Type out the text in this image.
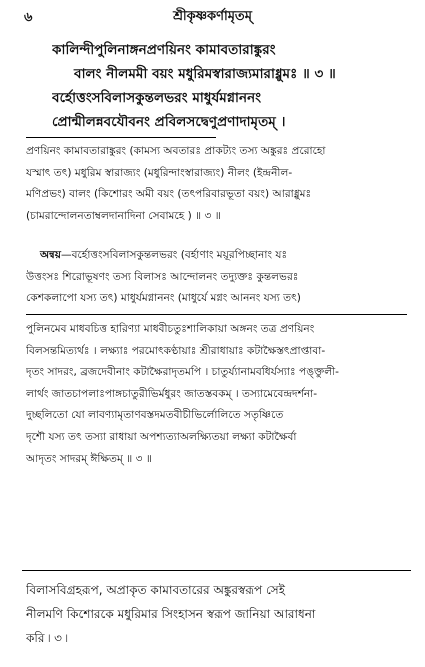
৬	শ্রীকৃষ্ণকর্ণামৃতম্
কালিন্দীপুলিনাঙ্গনপ্রণয়িনং কামাবতারাঙ্কুরং
বালং নীলমমী বয়ং মধুরিমস্বারাজ্যমারাধ্নুমঃ ॥ ৩ ॥
বর্হোত্তংসবিলাসকুন্তলভরং মাধুর্যমগ্নাননং
প্রোন্মীলন্নবযৌবনং প্রবিলসদ্বেণুপ্রণাদামৃতম্ ।
প্রণয়িনং কামাবতারাঙ্কুরং (কামস্য অবতারঃ প্রাকট্যং তস্য অঙ্কুরঃ প্ররোহো
যস্মাৎ তৎ) মধুরিম স্বারাজ্যং (মধুরিন্দাংস্বারাজ্যং) নীলং (ইন্দ্রনীল-
মণিপ্রভং) বালং (কিশোরং অমী বয়ং (তৎপরিবারভূতা বয়ং) আরাধ্নুমঃ
(চামরান্দোলনতাম্বলদানাদিনা সেবামহে ) ॥ ৩ ॥
অন্বয়—বর্হোত্তংসবিলাসকুন্তলভরং (বর্হাণাং ময়ূরপিচ্ছানাং যঃ
উত্তংসঃ শিরোভূষণং তস্য বিলাসঃ আন্দোলনং তদ্যুক্তঃ কুন্তলভরঃ
কেশকলাপো যস্য তৎ) মাধুর্যমগ্নাননং (মাধুর্যে মগ্নং আননং যস্য তৎ)
পুলিনমেব মাধবচিত্ত হারিণ্যা মাধবীচতুঃশালিকায়া অঙ্গনং তত্র প্রণয়িনং
বিলসন্তমিত্যর্থঃ । লক্ষ্যাঃ পরমোৎকণ্ঠায়াঃ শ্রীরাধায়াঃ কটাক্ষৈস্তৎপ্রাপ্তাবা-
দৃতং সাদরং, ব্রজদেবীনাং কটাক্ষৈরাদৃতমপি । চাতুর্য্যানামবধির্যস্যাঃ পঙ্ক্তুলী-
লার্থং জাতচাপলাঃপাঙ্গচাতুরীভির্মধুরং জাতস্তবকম্ । তস্যামেবেন্দ্রদর্শনা-
দুচ্ছলিতো যো লাবণ্যামৃতাণবস্তদমতবীচীভির্লোলিতে সতৃষ্ণিতে
দৃশৌ যস্য তৎ তস্যা রাধায়া অপশ্যত্যাঅলক্ষ্যিতয়া লক্ষ্যা কটাক্ষৈর্বা
আদৃতং সাদরম্ ঈক্ষিতম্ ॥ ৩ ॥
বিলাসবিগ্রহরূপ, অপ্রাকৃত কামাবতারের অঙ্কুরস্বরূপ সেই
নীলমণি কিশোরকে মধুরিমার সিংহাসন স্বরূপ জানিয়া আরাধনা
করি ৷ ৩ ৷
